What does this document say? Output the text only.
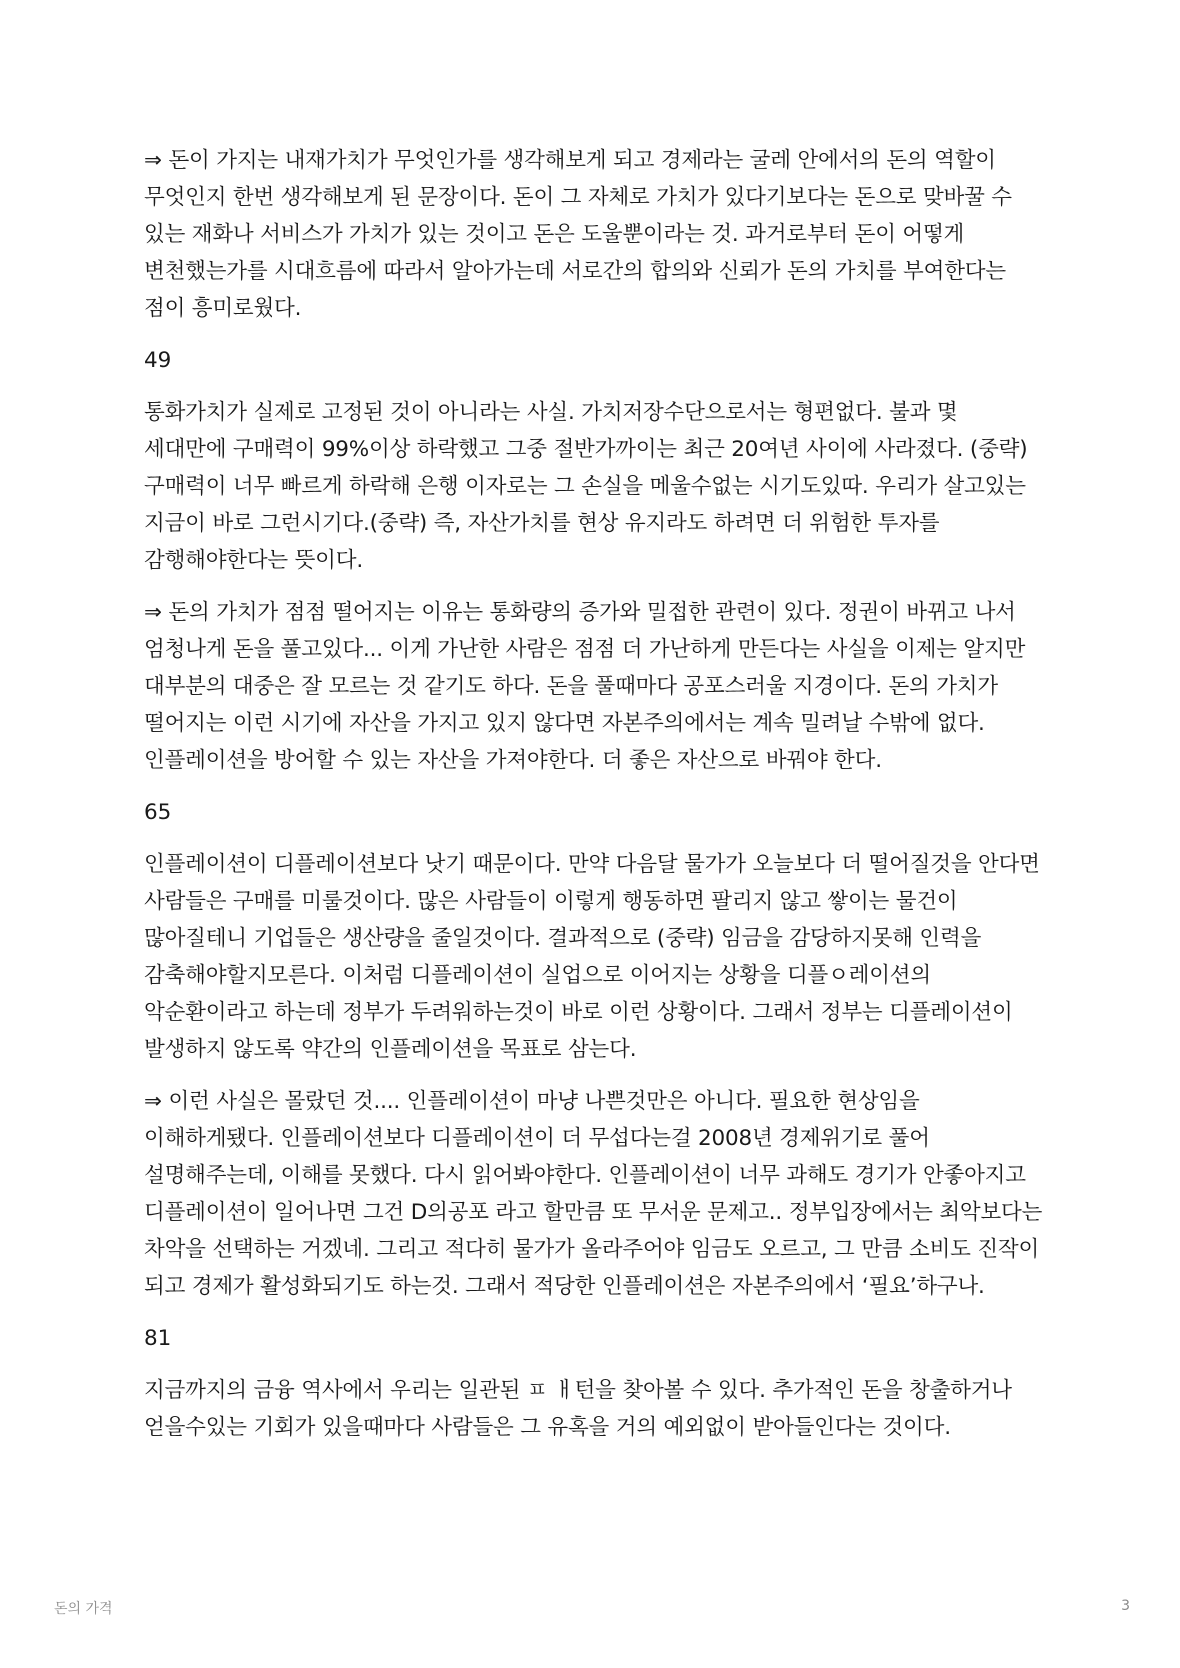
⇒ 돈이 가지는 내재가치가 무엇인가를 생각해보게 되고 경제라는 굴레 안에서의 돈의 역할이 무엇인지 한번 생각해보게 된 문장이다. 돈이 그 자체로 가치가 있다기보다는 돈으로 맞바꿀 수 있는 재화나 서비스가 가치가 있는 것이고 돈은 도울뿐이라는 것. 과거로부터 돈이 어떻게 변천했는가를 시대흐름에 따라서 알아가는데 서로간의 합의와 신뢰가 돈의 가치를 부여한다는 점이 흥미로웠다.

49

통화가치가 실제로 고정된 것이 아니라는 사실. 가치저장수단으로서는 형편없다. 불과 몇 세대만에 구매력이 99%이상 하락했고 그중 절반가까이는 최근 20여년 사이에 사라졌다. (중략) 구매력이 너무 빠르게 하락해 은행 이자로는 그 손실을 메울수없는 시기도있따. 우리가 살고있는 지금이 바로 그런시기다.(중략) 즉, 자산가치를 현상 유지라도 하려면 더 위험한 투자를 감행해야한다는 뜻이다.

⇒ 돈의 가치가 점점 떨어지는 이유는 통화량의 증가와 밀접한 관련이 있다. 정권이 바뀌고 나서 엄청나게 돈을 풀고있다... 이게 가난한 사람은 점점 더 가난하게 만든다는 사실을 이제는 알지만 대부분의 대중은 잘 모르는 것 같기도 하다. 돈을 풀때마다 공포스러울 지경이다. 돈의 가치가 떨어지는 이런 시기에 자산을 가지고 있지 않다면 자본주의에서는 계속 밀려날 수밖에 없다. 인플레이션을 방어할 수 있는 자산을 가져야한다. 더 좋은 자산으로 바꿔야 한다.

65

인플레이션이 디플레이션보다 낫기 때문이다. 만약 다음달 물가가 오늘보다 더 떨어질것을 안다면 사람들은 구매를 미룰것이다. 많은 사람들이 이렇게 행동하면 팔리지 않고 쌓이는 물건이 많아질테니 기업들은 생산량을 줄일것이다. 결과적으로 (중략) 임금을 감당하지못해 인력을 감축해야할지모른다. 이처럼 디플레이션이 실업으로 이어지는 상황을 디플ㅇ레이션의 악순환이라고 하는데 정부가 두려워하는것이 바로 이런 상황이다. 그래서 정부는 디플레이션이 발생하지 않도록 약간의 인플레이션을 목표로 삼는다.

⇒ 이런 사실은 몰랐던 것.... 인플레이션이 마냥 나쁜것만은 아니다. 필요한 현상임을 이해하게됐다. 인플레이션보다 디플레이션이 더 무섭다는걸 2008년 경제위기로 풀어 설명해주는데, 이해를 못했다. 다시 읽어봐야한다. 인플레이션이 너무 과해도 경기가 안좋아지고 디플레이션이 일어나면 그건 D의공포 라고 할만큼 또 무서운 문제고.. 정부입장에서는 최악보다는 차악을 선택하는 거겠네. 그리고 적다히 물가가 올라주어야 임금도 오르고, 그 만큼 소비도 진작이 되고 경제가 활성화되기도 하는것. 그래서 적당한 인플레이션은 자본주의에서 ‘필요’하구나.

81

지금까지의 금융 역사에서 우리는 일관된 ㅍ ㅐ턴을 찾아볼 수 있다. 추가적인 돈을 창출하거나 얻을수있는 기회가 있을때마다 사람들은 그 유혹을 거의 예외없이 받아들인다는 것이다.

돈의 가격	3
